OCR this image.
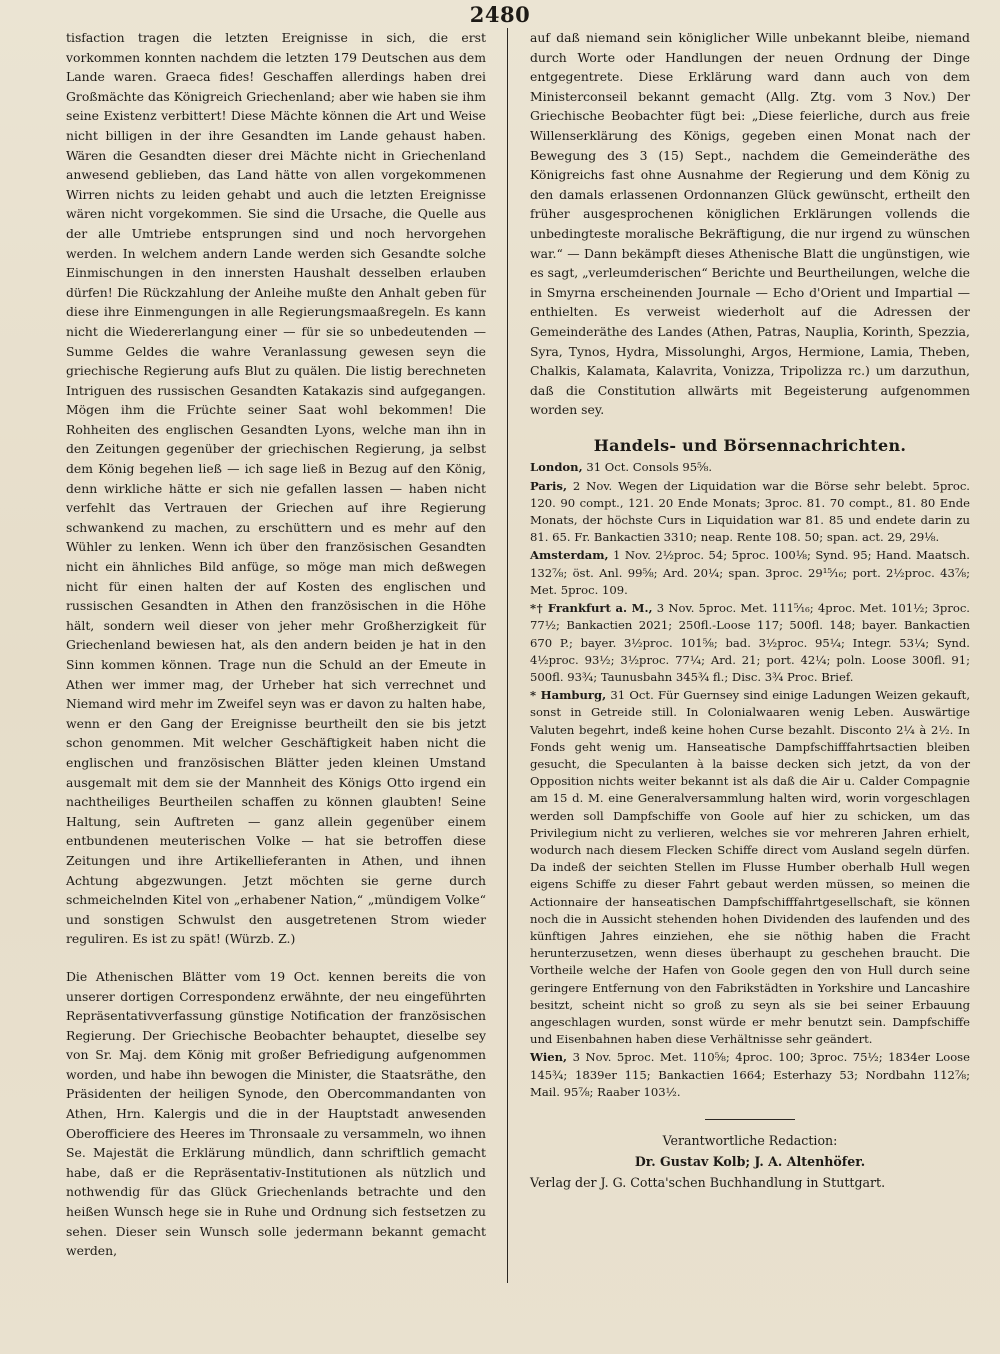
2480

tisfaction tragen die letzten Ereignisse in sich, die erst vorkommen konnten nachdem die letzten 179 Deutschen aus dem Lande waren. Graeca fides! Geschaffen allerdings haben drei Großmächte das Königreich Griechenland; aber wie haben sie ihm seine Existenz verbittert! Diese Mächte können die Art und Weise nicht billigen in der ihre Gesandten im Lande gehaust haben. Wären die Gesandten dieser drei Mächte nicht in Griechenland anwesend geblieben, das Land hätte von allen vorgekommenen Wirren nichts zu leiden gehabt und auch die letzten Ereignisse wären nicht vorgekommen. Sie sind die Ursache, die Quelle aus der alle Umtriebe entsprungen sind und noch hervorgehen werden. In welchem andern Lande werden sich Gesandte solche Einmischungen in den innersten Haushalt desselben erlauben dürfen! Die Rückzahlung der Anleihe mußte den Anhalt geben für diese ihre Einmengungen in alle Regierungsmaaßregeln. Es kann nicht die Wiedererlangung einer — für sie so unbedeutenden — Summe Geldes die wahre Veranlassung gewesen seyn die griechische Regierung aufs Blut zu quälen. Die listig berechneten Intriguen des russischen Gesandten Katakazis sind aufgegangen. Mögen ihm die Früchte seiner Saat wohl bekommen! Die Rohheiten des englischen Gesandten Lyons, welche man ihn in den Zeitungen gegenüber der griechischen Regierung, ja selbst dem König begehen ließ — ich sage ließ in Bezug auf den König, denn wirkliche hätte er sich nie gefallen lassen — haben nicht verfehlt das Vertrauen der Griechen auf ihre Regierung schwankend zu machen, zu erschüttern und es mehr auf den Wühler zu lenken. Wenn ich über den französischen Gesandten nicht ein ähnliches Bild anfüge, so möge man mich deßwegen nicht für einen halten der auf Kosten des englischen und russischen Gesandten in Athen den französischen in die Höhe hält, sondern weil dieser von jeher mehr Großherzigkeit für Griechenland bewiesen hat, als den andern beiden je hat in den Sinn kommen können. Trage nun die Schuld an der Emeute in Athen wer immer mag, der Urheber hat sich verrechnet und Niemand wird mehr im Zweifel seyn was er davon zu halten habe, wenn er den Gang der Ereignisse beurtheilt den sie bis jetzt schon genommen. Mit welcher Geschäftigkeit haben nicht die englischen und französischen Blätter jeden kleinen Umstand ausgemalt mit dem sie der Mannheit des Königs Otto irgend ein nachtheiliges Beurtheilen schaffen zu können glaubten! Seine Haltung, sein Auftreten — ganz allein gegenüber einem entbundenen meuterischen Volke — hat sie betroffen diese Zeitungen und ihre Artikellieferanten in Athen, und ihnen Achtung abgezwungen. Jetzt möchten sie gerne durch schmeichelnden Kitel von „erhabener Nation,“ „mündigem Volke“ und sonstigen Schwulst den ausgetretenen Strom wieder reguliren. Es ist zu spät! (Würzb. Z.)

Die Athenischen Blätter vom 19 Oct. kennen bereits die von unserer dortigen Correspondenz erwähnte, der neu eingeführten Repräsentativverfassung günstige Notification der französischen Regierung. Der Griechische Beobachter behauptet, dieselbe sey von Sr. Maj. dem König mit großer Befriedigung aufgenommen worden, und habe ihn bewogen die Minister, die Staatsräthe, den Präsidenten der heiligen Synode, den Obercommandanten von Athen, Hrn. Kalergis und die in der Hauptstadt anwesenden Oberofficiere des Heeres im Thronsaale zu versammeln, wo ihnen Se. Majestät die Erklärung mündlich, dann schriftlich gemacht habe, daß er die Repräsentativ-Institutionen als nützlich und nothwendig für das Glück Griechenlands betrachte und den heißen Wunsch hege sie in Ruhe und Ordnung sich festsetzen zu sehen. Dieser sein Wunsch solle jedermann bekannt gemacht werden,

auf daß niemand sein königlicher Wille unbekannt bleibe, niemand durch Worte oder Handlungen der neuen Ordnung der Dinge entgegentrete. Diese Erklärung ward dann auch von dem Ministerconseil bekannt gemacht (Allg. Ztg. vom 3 Nov.) Der Griechische Beobachter fügt bei: „Diese feierliche, durch aus freie Willenserklärung des Königs, gegeben einen Monat nach der Bewegung des 3 (15) Sept., nachdem die Gemeinderäthe des Königreichs fast ohne Ausnahme der Regierung und dem König zu den damals erlassenen Ordonnanzen Glück gewünscht, ertheilt den früher ausgesprochenen königlichen Erklärungen vollends die unbedingteste moralische Bekräftigung, die nur irgend zu wünschen war.“ — Dann bekämpft dieses Athenische Blatt die ungünstigen, wie es sagt, „verleumderischen“ Berichte und Beurtheilungen, welche die in Smyrna erscheinenden Journale — Echo d'Orient und Impartial — enthielten. Es verweist wiederholt auf die Adressen der Gemeinderäthe des Landes (Athen, Patras, Nauplia, Korinth, Spezzia, Syra, Tynos, Hydra, Missolunghi, Argos, Hermione, Lamia, Theben, Chalkis, Kalamata, Kalavrita, Vonizza, Tripolizza rc.) um darzuthun, daß die Constitution allwärts mit Begeisterung aufgenommen worden sey.

Handels- und Börsennachrichten.

London, 31 Oct. Consols 95⅝.

Paris, 2 Nov. Wegen der Liquidation war die Börse sehr belebt. 5proc. 120. 90 compt., 121. 20 Ende Monats; 3proc. 81. 70 compt., 81. 80 Ende Monats, der höchste Curs in Liquidation war 81. 85 und endete darin zu 81. 65. Fr. Bankactien 3310; neap. Rente 108. 50; span. act. 29, 29⅛.

Amsterdam, 1 Nov. 2½proc. 54; 5proc. 100⅛; Synd. 95; Hand. Maatsch. 132⅞; öst. Anl. 99⅝; Ard. 20¼; span. 3proc. 29¹⁵⁄₁₆; port. 2½proc. 43⅞; Met. 5proc. 109.

*† Frankfurt a. M., 3 Nov. 5proc. Met. 111⁵⁄₁₆; 4proc. Met. 101½; 3proc. 77½; Bankactien 2021; 250fl.-Loose 117; 500fl. 148; bayer. Bankactien 670 P.; bayer. 3½proc. 101⅝; bad. 3½proc. 95¼; Integr. 53¼; Synd. 4½proc. 93½; 3½proc. 77¼; Ard. 21; port. 42¼; poln. Loose 300fl. 91; 500fl. 93¾; Taunusbahn 345¾ fl.; Disc. 3¾ Proc. Brief.

* Hamburg, 31 Oct. Für Guernsey sind einige Ladungen Weizen gekauft, sonst in Getreide still. In Colonialwaaren wenig Leben. Auswärtige Valuten begehrt, indeß keine hohen Curse bezahlt. Disconto 2¼ à 2½. In Fonds geht wenig um. Hanseatische Dampfschifffahrtsactien bleiben gesucht, die Speculanten à la baisse decken sich jetzt, da von der Opposition nichts weiter bekannt ist als daß die Air u. Calder Compagnie am 15 d. M. eine Generalversammlung halten wird, worin vorgeschlagen werden soll Dampfschiffe von Goole auf hier zu schicken, um das Privilegium nicht zu verlieren, welches sie vor mehreren Jahren erhielt, wodurch nach diesem Flecken Schiffe direct vom Ausland segeln dürfen. Da indeß der seichten Stellen im Flusse Humber oberhalb Hull wegen eigens Schiffe zu dieser Fahrt gebaut werden müssen, so meinen die Actionnaire der hanseatischen Dampfschifffahrtgesellschaft, sie können noch die in Aussicht stehenden hohen Dividenden des laufenden und des künftigen Jahres einziehen, ehe sie nöthig haben die Fracht herunterzusetzen, wenn dieses überhaupt zu geschehen braucht. Die Vortheile welche der Hafen von Goole gegen den von Hull durch seine geringere Entfernung von den Fabrikstädten in Yorkshire und Lancashire besitzt, scheint nicht so groß zu seyn als sie bei seiner Erbauung angeschlagen wurden, sonst würde er mehr benutzt sein. Dampfschiffe und Eisenbahnen haben diese Verhältnisse sehr geändert.

Wien, 3 Nov. 5proc. Met. 110⅝; 4proc. 100; 3proc. 75½; 1834er Loose 145¾; 1839er 115; Bankactien 1664; Esterhazy 53; Nordbahn 112⅞; Mail. 95⅞; Raaber 103½.

Verantwortliche Redaction:
Dr. Gustav Kolb; J. A. Altenhöfer.
Verlag der J. G. Cotta'schen Buchhandlung in Stuttgart.
